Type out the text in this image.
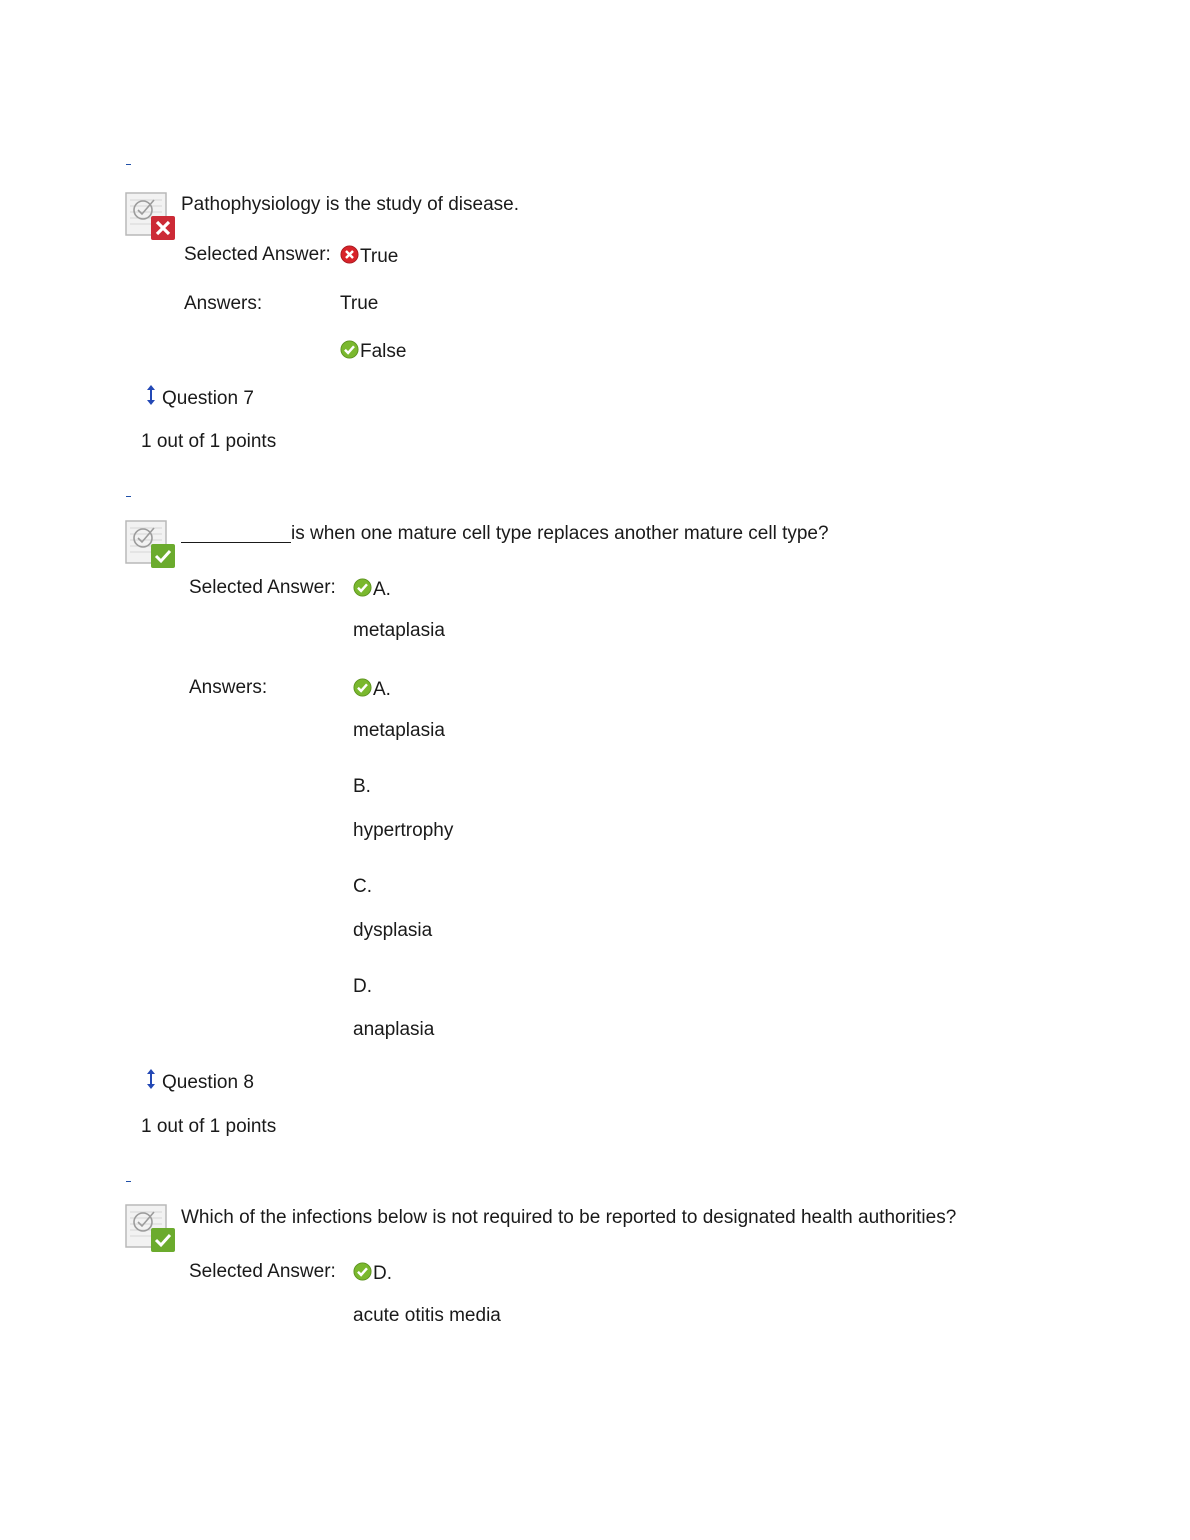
Pathophysiology is the study of disease.
Selected Answer:	True
Answers:	True
False
Question 7
1 out of 1 points
is when one mature cell type replaces another mature cell type?
Selected Answer:	A.
metaplasia
Answers:	A.
metaplasia
B.
hypertrophy
C.
dysplasia
D.
anaplasia
Question 8
1 out of 1 points
Which of the infections below is not required to be reported to designated health authorities?
Selected Answer:	D.
acute otitis media
